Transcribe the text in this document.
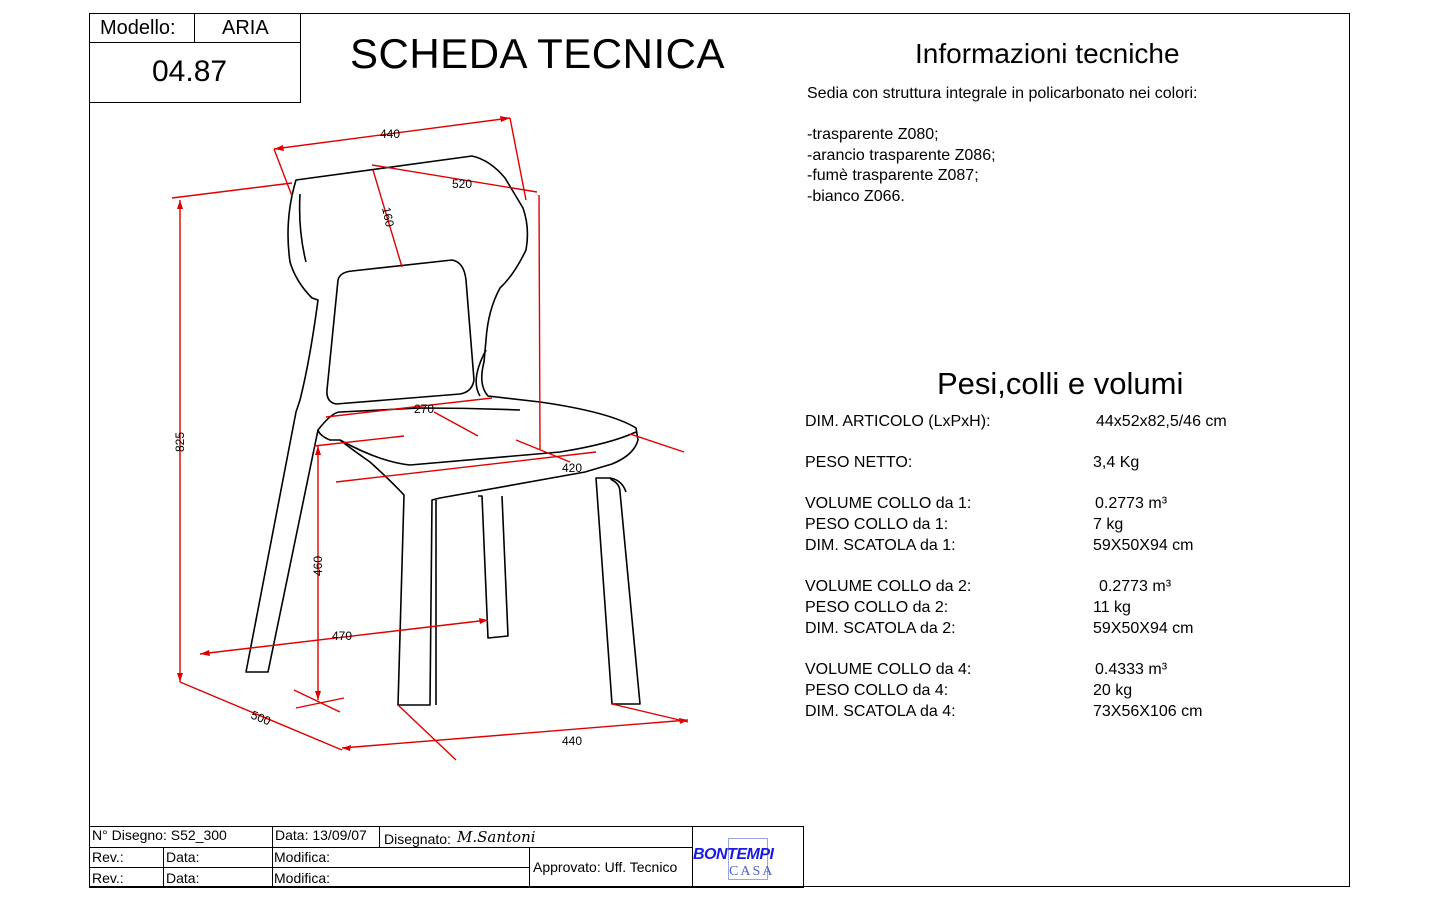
Modello: ARIA
04.87	SCHEDA TECNICA	Informazioni tecniche
Sedia con struttura integrale in policarbonato nei colori:
-trasparente Z080;
-arancio trasparente Z086;
-fumè trasparente Z087;
-bianco Z066.
Pesi,colli e volumi
DIM. ARTICOLO (LxPxH):	44x52x82,5/46 cm
PESO NETTO:	3,4 Kg
VOLUME COLLO da 1:	0.2773 m³
PESO COLLO da 1:	7 kg
DIM. SCATOLA da 1:	59X50X94 cm
VOLUME COLLO da 2:	0.2773 m³
PESO COLLO da 2:	11 kg
DIM. SCATOLA da 2:	59X50X94 cm
VOLUME COLLO da 4:	0.4333 m³
PESO COLLO da 4:	20 kg
DIM. SCATOLA da 4:	73X56X106 cm
440
520
160
825
270
420
460
470
500
440
N° Disegno: S52_300	Data: 13/09/07 Disegnato: M.Santoni
Rev.:	Data:	Modifica:
Rev.:	Data:	Modifica:
Approvato: Uff. Tecnico
BONTEMPI
CASA
